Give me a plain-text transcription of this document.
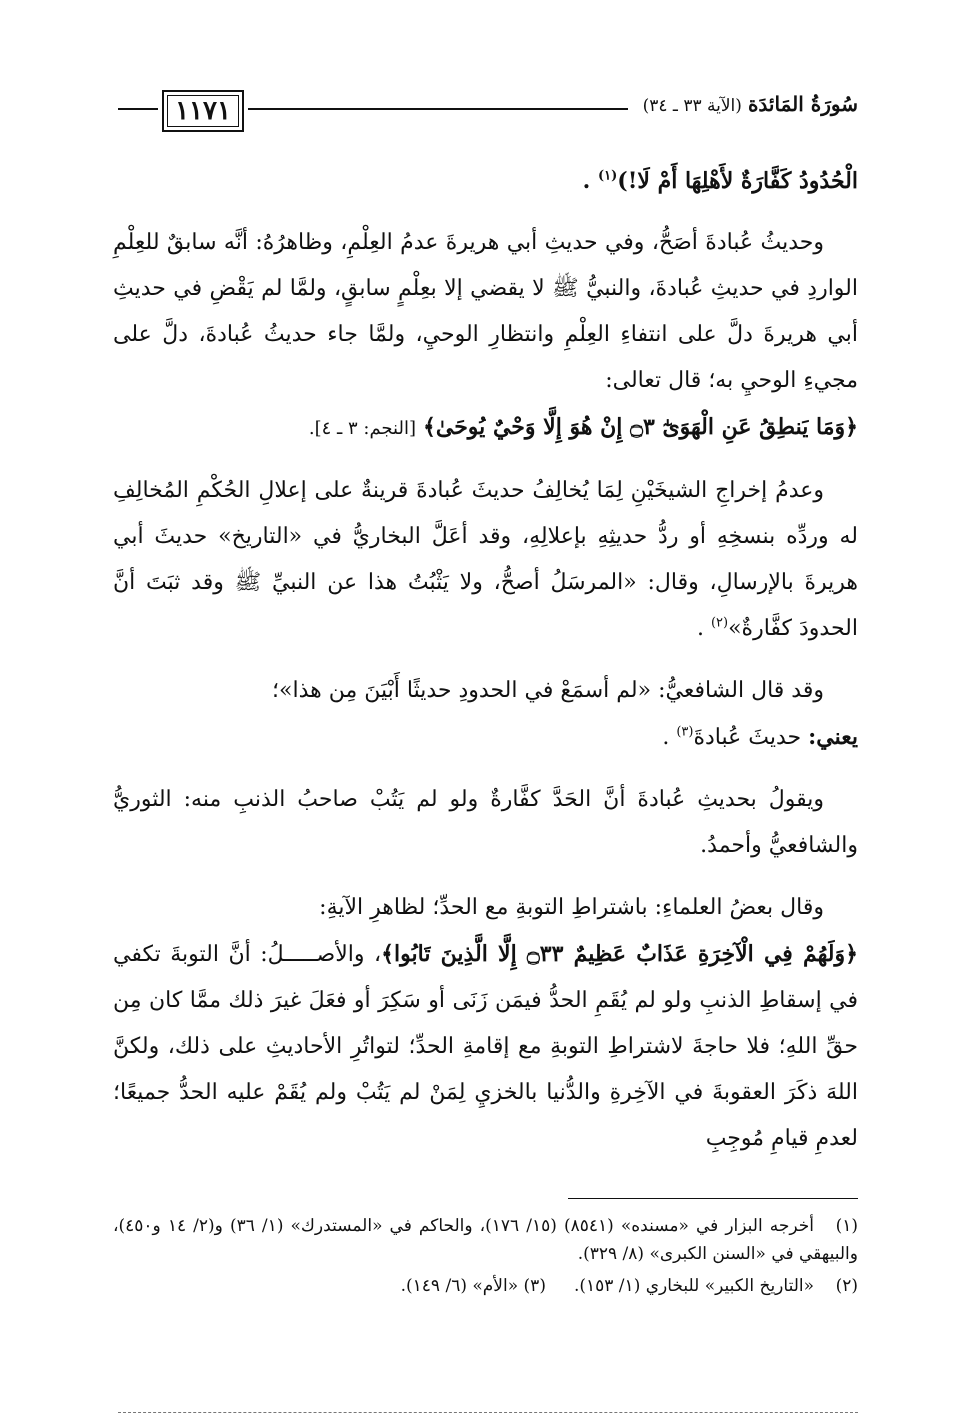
سُورَةُ المَائدَة (الآية ٣٣ ـ ٣٤)
١١٧١

الْحُدُودُ كَفَّارَةٌ لأَهْلِهَا أَمْ لَا!)$^{(١)}$ .

وحديثُ عُبادةَ أصَحُّ، وفي حديثِ أبي هريرةَ عدمُ العِلْمِ، وظاهرُهُ: أنَّه سابقٌ للعِلْمِ الواردِ في حديثِ عُبادةَ، والنبيُّ ﷺ لا يقضي إلا بعِلْمٍ سابقٍ، ولمَّا لم يَقْضِ في حديثِ أبي هريرةَ دلَّ على انتفاءِ العِلْمِ وانتظارِ الوحيِ، ولمَّا جاء حديثُ عُبادةَ، دلَّ على مجيءِ الوحيِ به؛ قال تعالى:
﴿وَمَا يَنطِقُ عَنِ الْهَوَىٰٓ ۝٣ إِنْ هُوَ إِلَّا وَحْيٌ يُوحَىٰ﴾ [النجم: ٣ ـ ٤].

وعدمُ إخراجِ الشيخَيْنِ لِمَا يُخالِفُ حديثَ عُبادةَ قرينةٌ على إعلالِ الحُكْمِ المُخالِفِ له وردِّه بنسخِهِ أو ردُّ حديثِهِ بإعلالِهِ، وقد أعَلَّ البخاريُّ في «التاريخ» حديثَ أبي هريرةَ بالإرسالِ، وقال: «المرسَلُ أصحُّ، ولا يَثْبُتُ هذا عن النبيِّ ﷺ وقد ثبَتَ أنَّ الحدودَ كفَّارةٌ»$^{(٢)}$ .

وقد قال الشافعيُّ: «لم أسمَعْ في الحدودِ حديثًا أَبْيَنَ مِن هذا»؛
يعني: حديثَ عُبادةَ$^{(٣)}$ .

ويقولُ بحديثِ عُبادةَ أنَّ الحَدَّ كفَّارةٌ ولو لم يَتُبْ صاحبُ الذنبِ منه: الثوريُّ والشافعيُّ وأحمدُ.

وقال بعضُ العلماءِ: باشتراطِ التوبةِ مع الحدِّ؛ لظاهرِ الآيةِ:
﴿وَلَهُمْ فِي الْآخِرَةِ عَذَابٌ عَظِيمٌ ۝٣٣ إِلَّا الَّذِينَ تَابُوا﴾، والأصـــــلُ: أنَّ التوبةَ تكفي في إسقاطِ الذنبِ ولو لم يُقَمِ الحدُّ فيمَن زَنَى أو سَكِرَ أو فعَلَ غيرَ ذلك ممَّا كان مِن حقِّ اللهِ؛ فلا حاجةَ لاشتراطِ التوبةِ مع إقامةِ الحدِّ؛ لتواتُرِ الأحاديثِ على ذلك، ولكنَّ اللهَ ذكَرَ العقوبةَ في الآخِرةِ والدُّنيا بالخزيِ لِمَنْ لم يَتُبْ ولم يُقَمْ عليه الحدُّ جميعًا؛ لعدمِ قيامِ مُوجِبِ

(١)أخرجه البزار في «مسنده» (٨٥٤١) (١٥/ ١٧٦)، والحاكم في «المستدرك» (١/ ٣٦) و(٢/ ١٤ و٤٥٠)، والبيهقي في «السنن الكبرى» (٨/ ٣٢٩).

(٢)«التاريخ الكبير» للبخاري (١/ ١٥٣).(٣) «الأم» (٦/ ١٤٩).
